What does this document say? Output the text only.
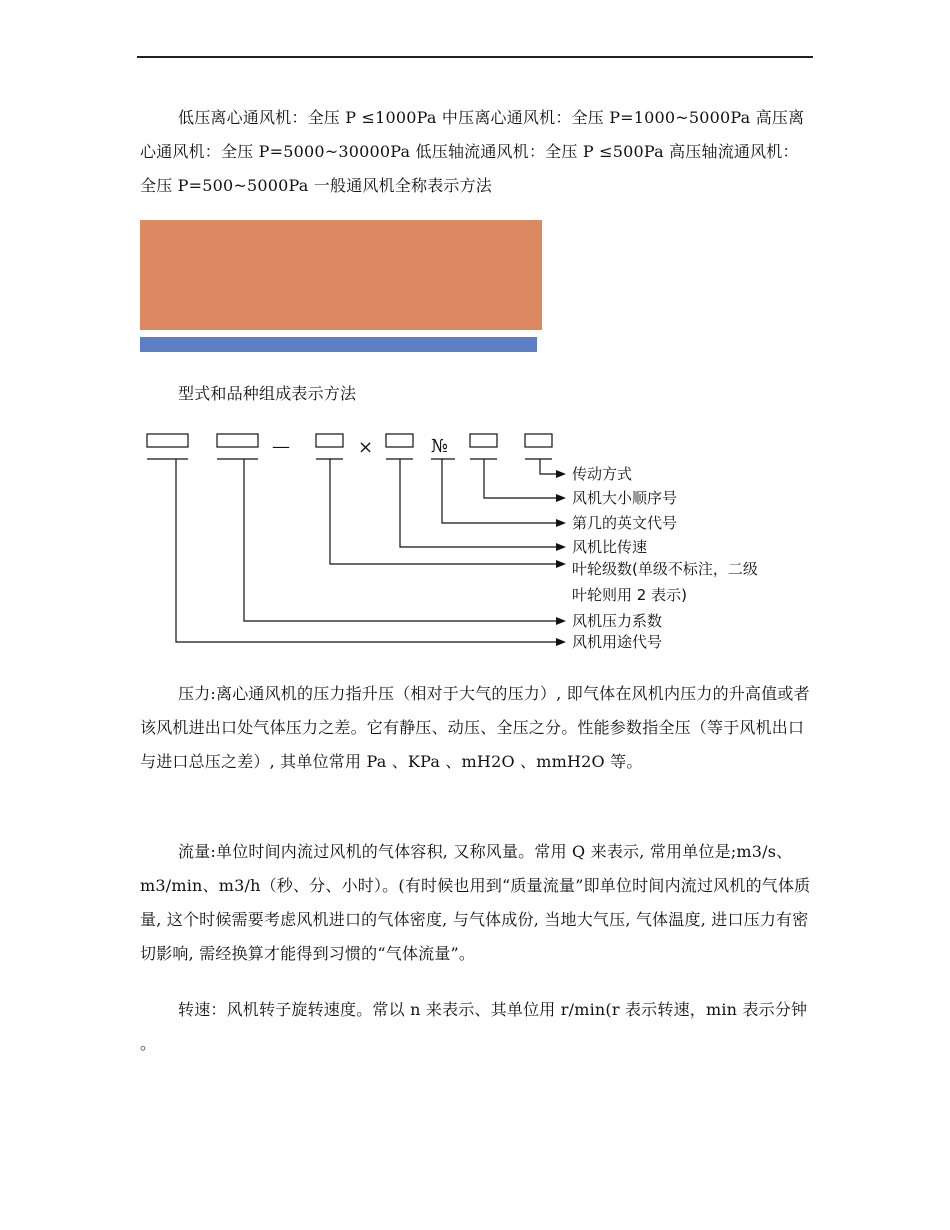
低压离心通风机：全压 P ≤1000Pa 中压离心通风机：全压 P=1000~5000Pa 高压离心通风机：全压 P=5000~30000Pa 低压轴流通风机：全压 P ≤500Pa 高压轴流通风机：全压 P=500~5000Pa 一般通风机全称表示方法

型式和品种组成表示方法

—	×	№
传动方式
风机大小顺序号
第几的英文代号
风机比传速
叶轮级数(单级不标注，二级
叶轮则用 2 表示)
风机压力系数
风机用途代号

压力:离心通风机的压力指升压（相对于大气的压力）, 即气体在风机内压力的升高值或者该风机进出口处气体压力之差。它有静压、动压、全压之分。性能参数指全压（等于风机出口与进口总压之差）, 其单位常用 Pa 、KPa 、mH2O 、mmH2O 等。

流量:单位时间内流过风机的气体容积, 又称风量。常用 Q 来表示, 常用单位是;m3/s、m3/min、m3/h（秒、分、小时）。(有时候也用到“质量流量”即单位时间内流过风机的气体质量, 这个时候需要考虑风机进口的气体密度, 与气体成份, 当地大气压, 气体温度, 进口压力有密切影响, 需经换算才能得到习惯的“气体流量”。

转速：风机转子旋转速度。常以 n 来表示、其单位用 r/min(r 表示转速，min 表示分钟 。
